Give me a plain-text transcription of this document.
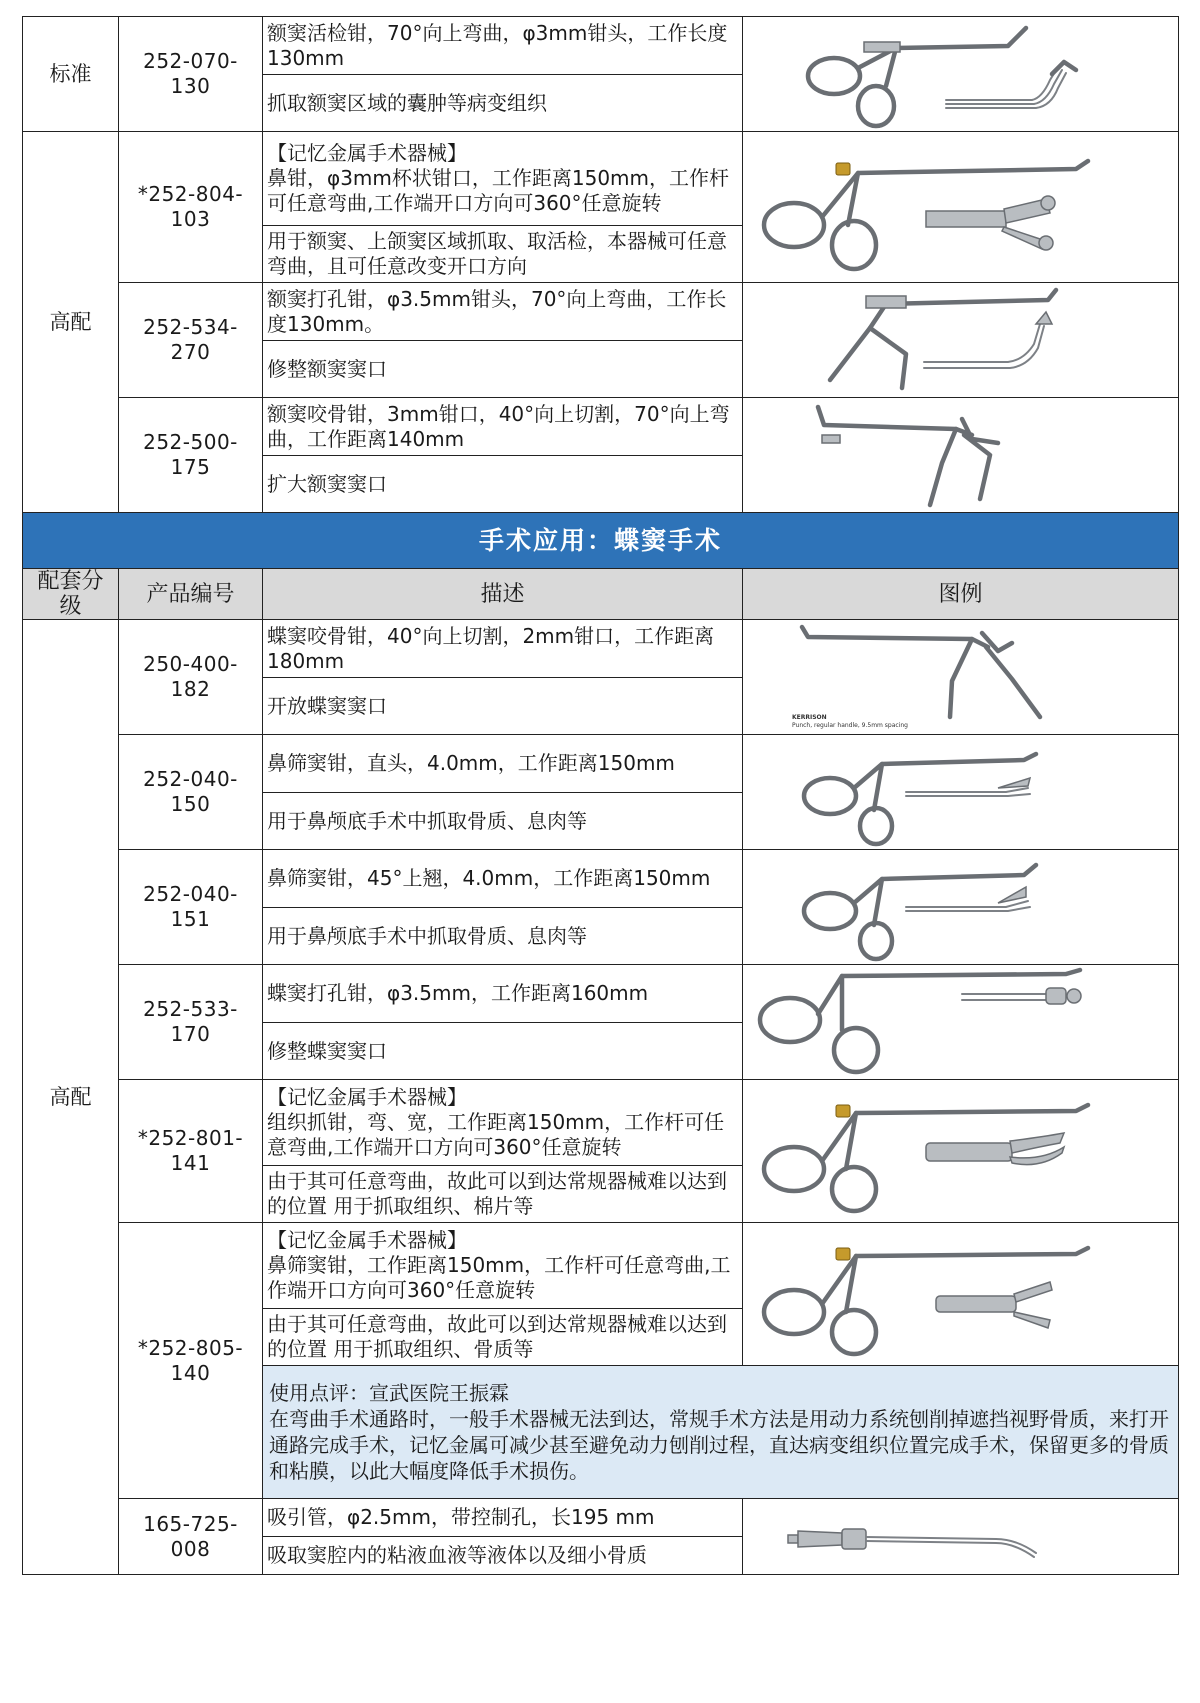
标准	252-070-130	额窦活检钳，70°向上弯曲，φ3mm钳头，工作长度130mm	

		抓取额窦区域的囊肿等病变组织	
高配	*252-804-103	【记忆金属手术器械】
鼻钳，φ3mm杯状钳口，工作距离150mm，工作杆可任意弯曲,工作端开口方向可360°任意旋转	

		用于额窦、上颌窦区域抓取、取活检，本器械可任意弯曲，且可任意改变开口方向	
	252-534-270	额窦打孔钳，φ3.5mm钳头，70°向上弯曲，工作长度130mm。	

		修整额窦窦口	
	252-500-175	额窦咬骨钳，3mm钳口，40°向上切割，70°向上弯曲，工作距离140mm	

		扩大额窦窦口	
手术应用：蝶窦手术			
配套分级	产品编号	描述	图例
高配	250-400-182	蝶窦咬骨钳，40°向上切割，2mm钳口，工作距离180mm	KERRISON
Punch, regular handle, 9.5mm spacing

		开放蝶窦窦口	
	252-040-150	鼻筛窦钳，直头，4.0mm，工作距离150mm	

		用于鼻颅底手术中抓取骨质、息肉等	
	252-040-151	鼻筛窦钳，45°上翘，4.0mm，工作距离150mm	

		用于鼻颅底手术中抓取骨质、息肉等	
	252-533-170	蝶窦打孔钳，φ3.5mm，工作距离160mm	

		修整蝶窦窦口	
	*252-801-141	【记忆金属手术器械】
组织抓钳，弯、宽，工作距离150mm，工作杆可任意弯曲,工作端开口方向可360°任意旋转	

		由于其可任意弯曲，故此可以到达常规器械难以达到的位置 用于抓取组织、棉片等	
	*252-805-140	【记忆金属手术器械】
鼻筛窦钳，工作距离150mm，工作杆可任意弯曲,工作端开口方向可360°任意旋转	

		由于其可任意弯曲，故此可以到达常规器械难以达到的位置 用于抓取组织、骨质等	

		使用点评：宣武医院王振霖
在弯曲手术通路时，一般手术器械无法到达，常规手术方法是用动力系统刨削掉遮挡视野骨质，来打开通路完成手术，记忆金属可减少甚至避免动力刨削过程，直达病变组织位置完成手术，保留更多的骨质和粘膜，以此大幅度降低手术损伤。	

	165-725-008	吸引管，φ2.5mm，带控制孔，长195 mm	

		吸取窦腔内的粘液血液等液体以及细小骨质	
